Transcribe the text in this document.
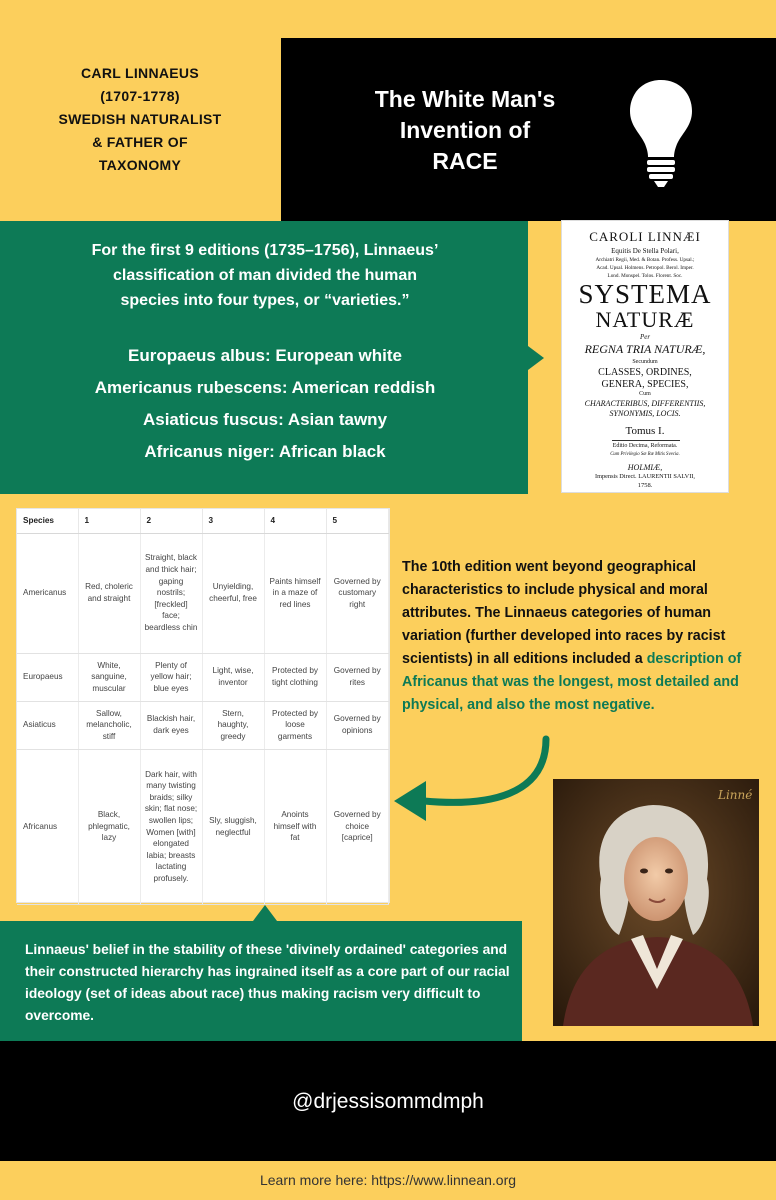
CARL LINNAEUS
(1707-1778)
SWEDISH NATURALIST
& FATHER OF
TAXONOMY
The White Man's
Invention of
RACE
For the first 9 editions (1735–1756), Linnaeus’
classification of man divided the human
species into four types, or “varieties.”
Europaeus albus: European white
Americanus rubescens: American reddish
Asiaticus fuscus: Asian tawny
Africanus niger: African black
CAROLI LINNÆI
Equitis De Stella Polari,
Archiatri Regii, Med. & Botan. Profess. Upsal.;
Acad. Upsal. Holmens. Petropol. Berol. Imper.
Lond. Monspel. Tolos. Florent. Soc.
SYSTEMA
NATURÆ
Per
REGNA TRIA NATURÆ,
Secundum
CLASSES, ORDINES,
GENERA, SPECIES,
Cum
CHARACTERIBUS, DIFFERENTIIS,
SYNONYMIS, LOCIS.
Tomus I.
Editio Decima, Reformata.
Cum Privilegio Sæ Ræ Mitis Svecia.
HOLMIÆ,
Impensis Direct. LAURENTII SALVII,
1758.
Species	1	2	3	4	5
Americanus	Red, choleric and straight	Straight, black and thick hair; gaping nostrils; [freckled] face; beardless chin	Unyielding, cheerful, free	Paints himself in a maze of red lines	Governed by customary right
Europaeus	White, sanguine, muscular	Plenty of yellow hair; blue eyes	Light, wise, inventor	Protected by tight clothing	Governed by rites
Asiaticus	Sallow, melancholic, stiff	Blackish hair, dark eyes	Stern, haughty, greedy	Protected by loose garments	Governed by opinions
Africanus	Black, phlegmatic, lazy	Dark hair, with many twisting braids; silky skin; flat nose; swollen lips; Women [with] elongated labia; breasts lactating profusely.	Sly, sluggish, neglectful	Anoints himself with fat	Governed by choice [caprice]
The 10th edition went beyond geographical characteristics to include physical and moral attributes. The Linnaeus categories of human variation (further developed into races by racist scientists) in all editions included a description of Africanus that was the longest, most detailed and physical, and also the most negative.
Linné
Linnaeus' belief in the stability of these 'divinely ordained' categories and their constructed hierarchy has ingrained itself as a core part of our racial ideology (set of ideas about race) thus making racism very difficult to overcome.
@drjessisommdmph
Learn more here: https://www.linnean.org
